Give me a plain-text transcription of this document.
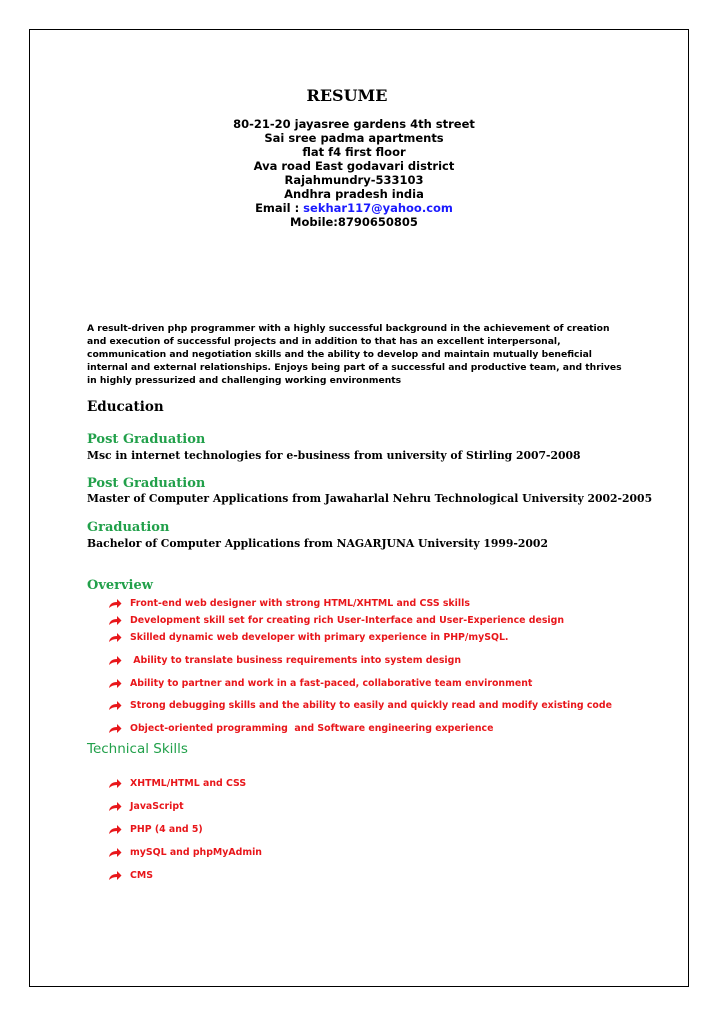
RESUME
80-21-20 jayasree gardens 4th street
Sai sree padma apartments
flat f4 first floor
Ava road East godavari district
Rajahmundry-533103
Andhra pradesh india
Email : sekhar117@yahoo.com
Mobile:8790650805
A result-driven php programmer with a highly successful background in the achievement of creation
and execution of successful projects and in addition to that has an excellent interpersonal,
communication and negotiation skills and the ability to develop and maintain mutually beneficial
internal and external relationships. Enjoys being part of a successful and productive team, and thrives
in highly pressurized and challenging working environments
Education
Post Graduation
Msc in internet technologies for e-business from university of Stirling 2007-2008
Post Graduation
Master of Computer Applications from Jawaharlal Nehru Technological University 2002-2005
Graduation
Bachelor of Computer Applications from NAGARJUNA University 1999-2002
Overview
Front-end web designer with strong HTML/XHTML and CSS skills
Development skill set for creating rich User-Interface and User-Experience design
Skilled dynamic web developer with primary experience in PHP/mySQL.
Ability to translate business requirements into system design
Ability to partner and work in a fast-paced, collaborative team environment
Strong debugging skills and the ability to easily and quickly read and modify existing code
Object-oriented programming  and Software engineering experience
Technical Skills
XHTML/HTML and CSS
JavaScript
PHP (4 and 5)
mySQL and phpMyAdmin
CMS
